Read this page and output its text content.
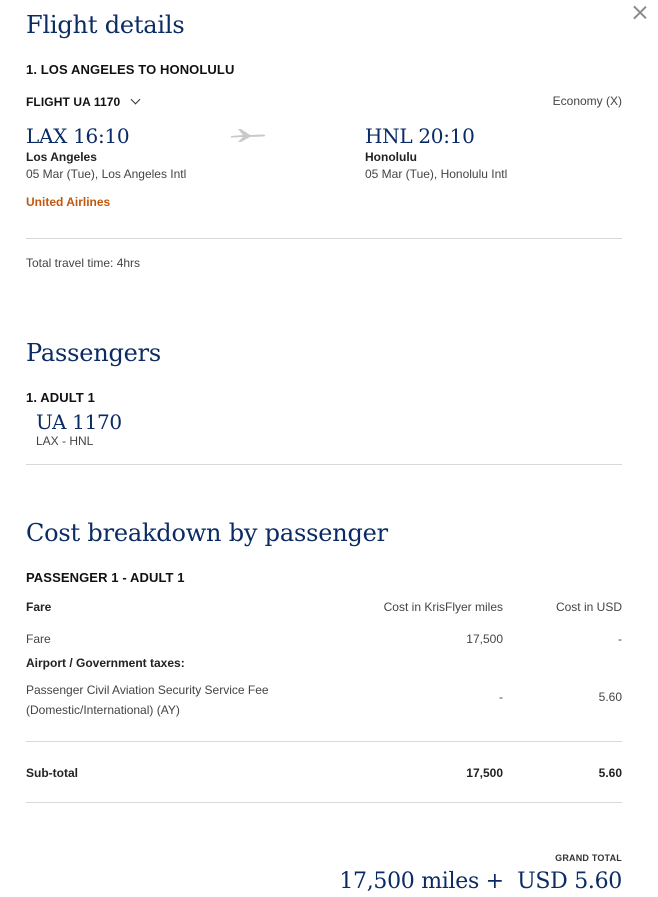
Flight details
1. LOS ANGELES TO HONOLULU
FLIGHT UA 1170	Economy (X)
LAX 16:10
Los Angeles
05 Mar (Tue), Los Angeles Intl
HNL 20:10
Honolulu
05 Mar (Tue), Honolulu Intl
United Airlines
Total travel time: 4hrs
Passengers
1. ADULT 1
UA 1170
LAX - HNL
Cost breakdown by passenger
PASSENGER 1 - ADULT 1
Fare	Cost in KrisFlyer miles	Cost in USD
Fare	17,500	-
Airport / Government taxes:
Passenger Civil Aviation Security Service Fee
(Domestic/International) (AY)
-	5.60
Sub-total	17,500	5.60
GRAND TOTAL
17,500 miles +  USD 5.60
